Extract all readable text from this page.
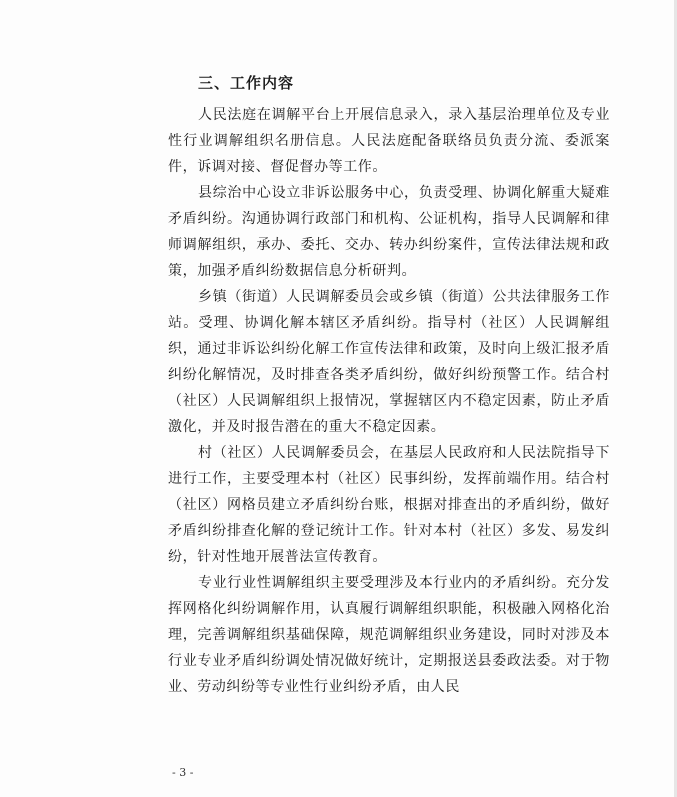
三、工作内容

人民法庭在调解平台上开展信息录入，录入基层治理单位及专业性行业调解组织名册信息。人民法庭配备联络员负责分流、委派案件，诉调对接、督促督办等工作。

县综治中心设立非诉讼服务中心，负责受理、协调化解重大疑难矛盾纠纷。沟通协调行政部门和机构、公证机构，指导人民调解和律师调解组织，承办、委托、交办、转办纠纷案件，宣传法律法规和政策，加强矛盾纠纷数据信息分析研判。

乡镇（街道）人民调解委员会或乡镇（街道）公共法律服务工作站。受理、协调化解本辖区矛盾纠纷。指导村（社区）人民调解组织，通过非诉讼纠纷化解工作宣传法律和政策，及时向上级汇报矛盾纠纷化解情况，及时排查各类矛盾纠纷，做好纠纷预警工作。结合村（社区）人民调解组织上报情况，掌握辖区内不稳定因素，防止矛盾激化，并及时报告潜在的重大不稳定因素。

村（社区）人民调解委员会，在基层人民政府和人民法院指导下进行工作，主要受理本村（社区）民事纠纷，发挥前端作用。结合村（社区）网格员建立矛盾纠纷台账，根据对排查出的矛盾纠纷，做好矛盾纠纷排查化解的登记统计工作。针对本村（社区）多发、易发纠纷，针对性地开展普法宣传教育。

专业行业性调解组织主要受理涉及本行业内的矛盾纠纷。充分发挥网格化纠纷调解作用，认真履行调解组织职能，积极融入网格化治理，完善调解组织基础保障，规范调解组织业务建设，同时对涉及本行业专业矛盾纠纷调处情况做好统计，定期报送县委政法委。对于物业、劳动纠纷等专业性行业纠纷矛盾，由人民

- 3 -
